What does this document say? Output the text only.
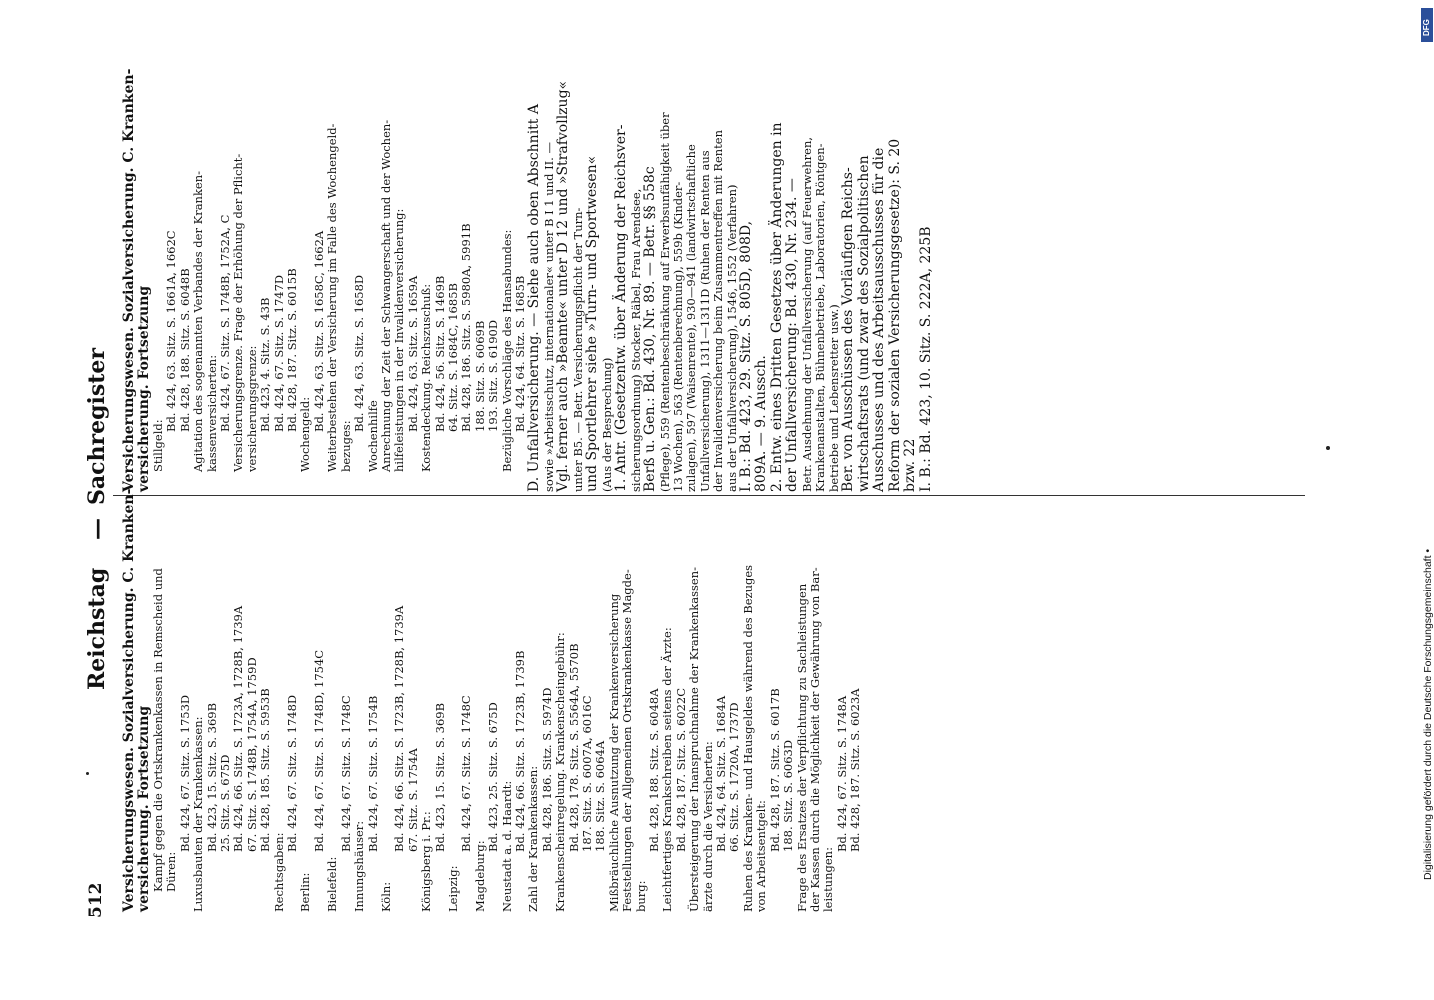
512
Reichstag
—
Sachregister
Versicherungswesen. Sozialversicherung. C. Kranken- versicherung. Fortsetzung Kampf gegen die Ortskrankenkassen in Remscheid und Düren:
Bd. 424, 67. Sitz. S. 1753D Luxusbauten der Krankenkassen: Bd. 423, 15. Sitz. S. 369B 25. Sitz. S. 675D Bd. 424, 66. Sitz. S. 1723A, 1728B, 1739A 67. Sitz. S. 1748B, 1754A, 1759D Bd. 428, 185. Sitz. S. 5953B
Rechtsgaben:
Bd. 424, 67. Sitz. S. 1748D
Berlin:
Bd. 424, 67. Sitz. S. 1748D, 1754C
Bielefeld:
Bd. 424, 67. Sitz. S. 1748C
Innungshäuser:
Bd. 424, 67. Sitz. S. 1754B
Köln:
Bd. 424, 66. Sitz. S. 1723B, 1728B, 1739A 67. Sitz. S. 1754A
Königsberg i. Pr.:
Bd. 423, 15. Sitz. S. 369B
Leipzig:
Bd. 424, 67. Sitz. S. 1748C
Magdeburg:
Bd. 423, 25. Sitz. S. 675D Neustadt a. d. Haardt: Bd. 424, 66. Sitz. S. 1723B, 1739B Zahl der Krankenkassen: Bd. 428, 186. Sitz. S. 5974D Krankenscheinregelung. Krankenscheingebühr: Bd. 428, 178. Sitz. S. 5564A, 5570B 187. Sitz. S. 6007A, 6016C 188. Sitz. S. 6064A Mißbräuchliche Ausnutzung der Krankenversicherung Feststellungen der Allgemeinen Ortskrankenkasse Magde- burg:
Bd. 428, 188. Sitz. S. 6048A Leichtfertiges Krankschreiben seitens der Ärzte: Bd. 428, 187. Sitz. S. 6022C Übersteigerung der Inanspruchnahme der Krankenkassen- ärzte durch die Versicherten: Bd. 424, 64. Sitz. S. 1684A 66. Sitz. S. 1720A, 1737D Ruhen des Kranken- und Hausgeldes während des Bezuges von Arbeitsentgelt:
Bd. 428, 187. Sitz. S. 6017B 188. Sitz. S. 6063D Frage des Ersatzes der Verpflichtung zu Sachleistungen der Kassen durch die Möglichkeit der Gewährung von Bar- leistungen:
Bd. 424, 67. Sitz. S. 1748A Bd. 428, 187. Sitz. S. 6023A
Versicherungswesen. Sozialversicherung. C. Kranken- versicherung. Fortsetzung Stillgeld:
Bd. 424, 63. Sitz. S. 1661A, 1662C Bd. 428, 188. Sitz. S. 6048B Agitation des sogenannten Verbandes der Kranken- kassenversicherten: Bd. 424, 67. Sitz. S. 1748B, 1752A, C Versicherungsgrenze. Frage der Erhöhung der Pflicht- versicherungsgrenze: Bd. 423, 4. Sitz. S. 43B Bd. 424, 67. Sitz. S. 1747D Bd. 428, 187. Sitz. S. 6015B
Wochengeld:
Bd. 424, 63. Sitz. S. 1658C, 1662A Weiterbestehen der Versicherung im Falle des Wochengeld- bezuges:
Bd. 424, 63. Sitz. S. 1658D
Wochenhilfe Anrechnung der Zeit der Schwangerschaft und der Wochen- hilfeleistungen in der Invalidenversicherung: Bd. 424, 63. Sitz. S. 1659A Kostendeckung. Reichszuschuß: Bd. 424, 56. Sitz. S. 1469B 64. Sitz. S. 1684C, 1685B Bd. 428, 186. Sitz. S. 5980A, 5991B 188. Sitz. S. 6069B 193. Sitz. S. 6190D Bezügliche Vorschläge des Hansabundes: Bd. 424, 64. Sitz. S. 1685B D. Unfallversicherung. — Siehe auch oben Abschnitt A sowie »Arbeitsschutz, internationaler« unter B I 1 und II. — Vgl. ferner auch »Beamte« unter D 12 und »Strafvollzug« unter B5. — Betr. Versicherungspflicht der Turn- und Sportlehrer siehe »Turn- und Sportwesen« (Aus der Besprechung) 1. Antr. (Gesetzentw. über Änderung der Reichsver- sicherungsordnung) Stocker, Räbel, Frau Arendsee, Berß u. Gen.: Bd. 430, Nr. 89. — Betr. §§ 558c (Pflege), 559 (Rentenbeschränkung auf Erwerbsunfähigkeit über 13 Wochen), 563 (Rentenberechnung), 559b (Kinder- zulagen), 597 (Waisenrente), 930—941 (landwirtschaftliche Unfallversicherung), 1311—1311D (Ruhen der Renten aus der Invalidenversicherung beim Zusammentreffen mit Renten aus der Unfallversicherung), 1546, 1552 (Verfahren) I. B.: Bd. 423, 29. Sitz. S. 805D, 808D, 809A. — 9. Aussch. 2. Entw. eines Dritten Gesetzes über Änderungen in der Unfallversicherung: Bd. 430, Nr. 234. — Betr. Ausdehnung der Unfallversicherung (auf Feuerwehren, Krankenanstalten, Bühnenbetriebe, Laboratorien, Röntgen- betriebe und Lebensretter usw.) Ber. von Ausschüssen des Vorläufigen Reichs- wirtschaftsrats (und zwar des Sozialpolitischen Ausschusses und des Arbeitsausschusses für die Reform der sozialen Versicherungsgesetze): S. 20 bzw. 22 I. B.: Bd. 423, 10. Sitz. S. 222A, 225B
Digitalisierung gefördert durch die Deutsche Forschungsgemeinschaft •
DFG
